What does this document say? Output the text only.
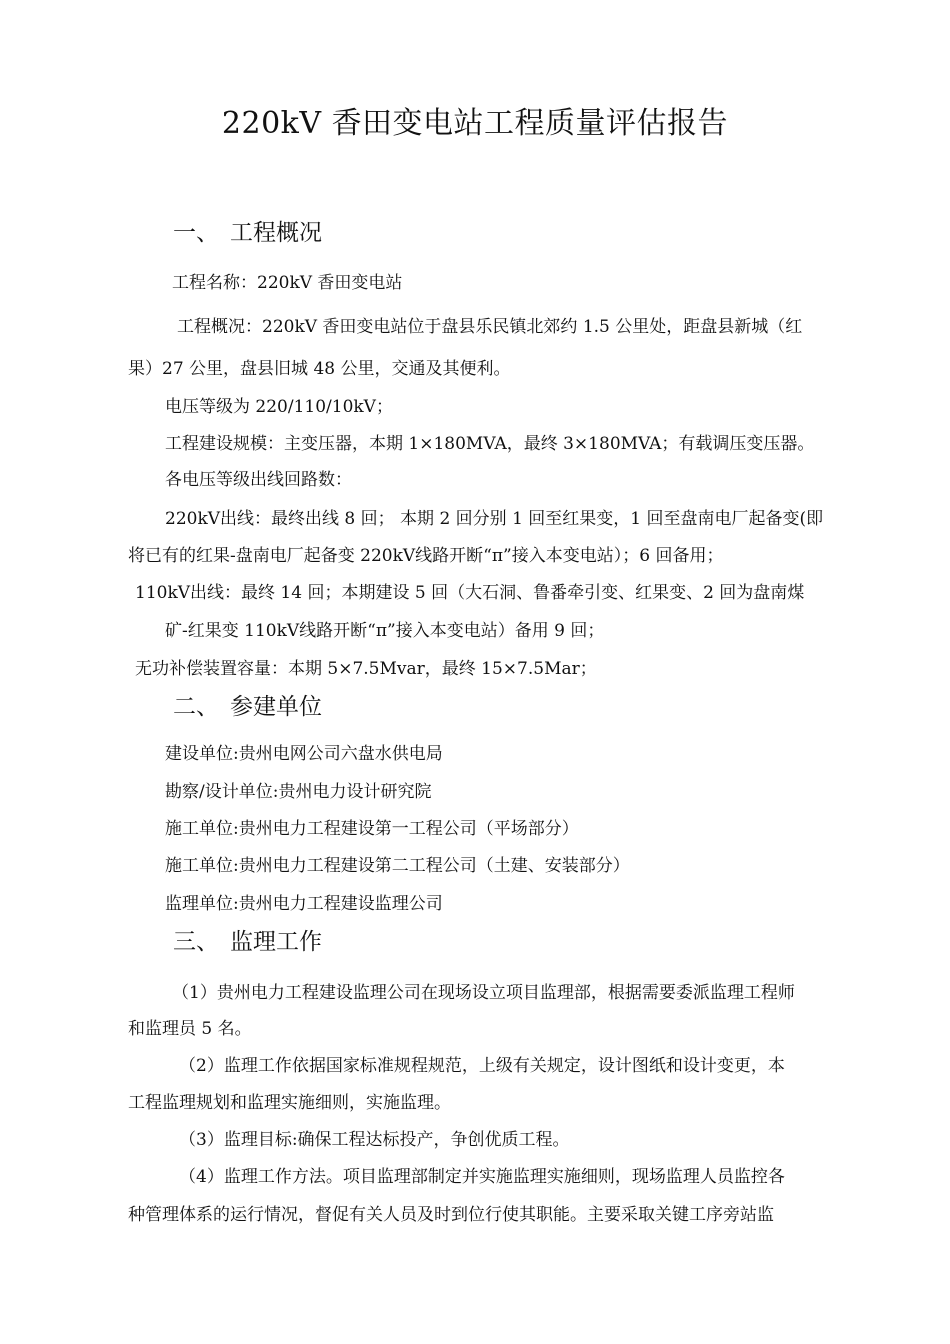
220kV 香田变电站工程质量评估报告
一、 工程概况
工程名称：220kV 香田变电站
工程概况：220kV 香田变电站位于盘县乐民镇北郊约 1.5 公里处，距盘县新城（红
果）27 公里，盘县旧城 48 公里，交通及其便利。
电压等级为 220/110/10kV；
工程建设规模：主变压器，本期 1×180MVA，最终 3×180MVA；有载调压变压器。
各电压等级出线回路数：
220kV出线：最终出线 8 回； 本期 2 回分别 1 回至红果变，1 回至盘南电厂起备变(即
将已有的红果-盘南电厂起备变 220kV线路开断“π”接入本变电站）；6 回备用；
110kV出线：最终 14 回；本期建设 5 回（大石洞、鲁番牵引变、红果变、2 回为盘南煤
矿-红果变 110kV线路开断“π”接入本变电站）备用 9 回；
无功补偿装置容量：本期 5×7.5Mvar，最终 15×7.5Mar；
二、 参建单位
建设单位:贵州电网公司六盘水供电局
勘察/设计单位:贵州电力设计研究院
施工单位:贵州电力工程建设第一工程公司（平场部分）
施工单位:贵州电力工程建设第二工程公司（土建、安装部分）
监理单位:贵州电力工程建设监理公司
三、 监理工作
（1）贵州电力工程建设监理公司在现场设立项目监理部，根据需要委派监理工程师
和监理员 5 名。
（2）监理工作依据国家标准规程规范，上级有关规定，设计图纸和设计变更，本
工程监理规划和监理实施细则，实施监理。
（3）监理目标:确保工程达标投产，争创优质工程。
（4）监理工作方法。项目监理部制定并实施监理实施细则，现场监理人员监控各
种管理体系的运行情况，督促有关人员及时到位行使其职能。主要采取关键工序旁站监
